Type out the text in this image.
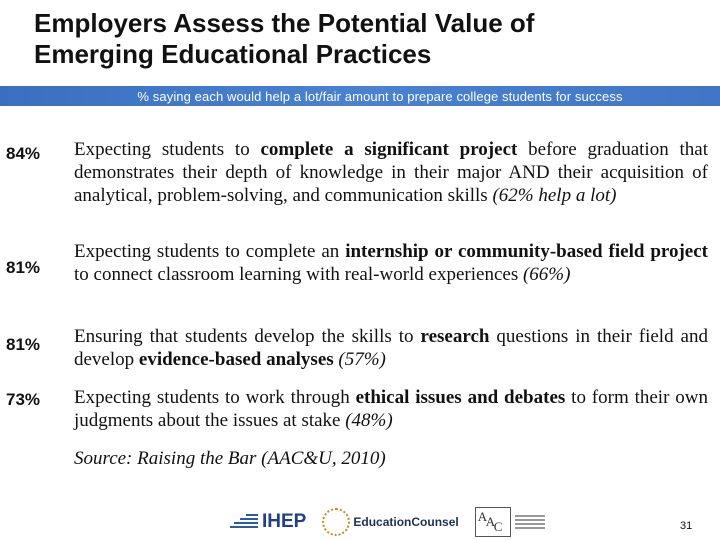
Employers Assess the Potential Value of
Emerging Educational Practices
% saying each would help a lot/fair amount to prepare college students for success
84% Expecting students to complete a significant project before graduation that demonstrates their depth of knowledge in their major AND their acquisition of analytical, problem-solving, and communication skills (62% help a lot)

81%

Expecting students to complete an internship or community-based field project to connect classroom learning with real-world experiences (66%)

81% Ensuring that students develop the skills to research questions in their field and develop evidence-based analyses (57%)

73% Expecting students to work through ethical issues and debates to form their own judgments about the issues at stake (48%)

Source: Raising the Bar (AAC&U, 2010)
IHEP	EducationCounsel A
A
C	31
